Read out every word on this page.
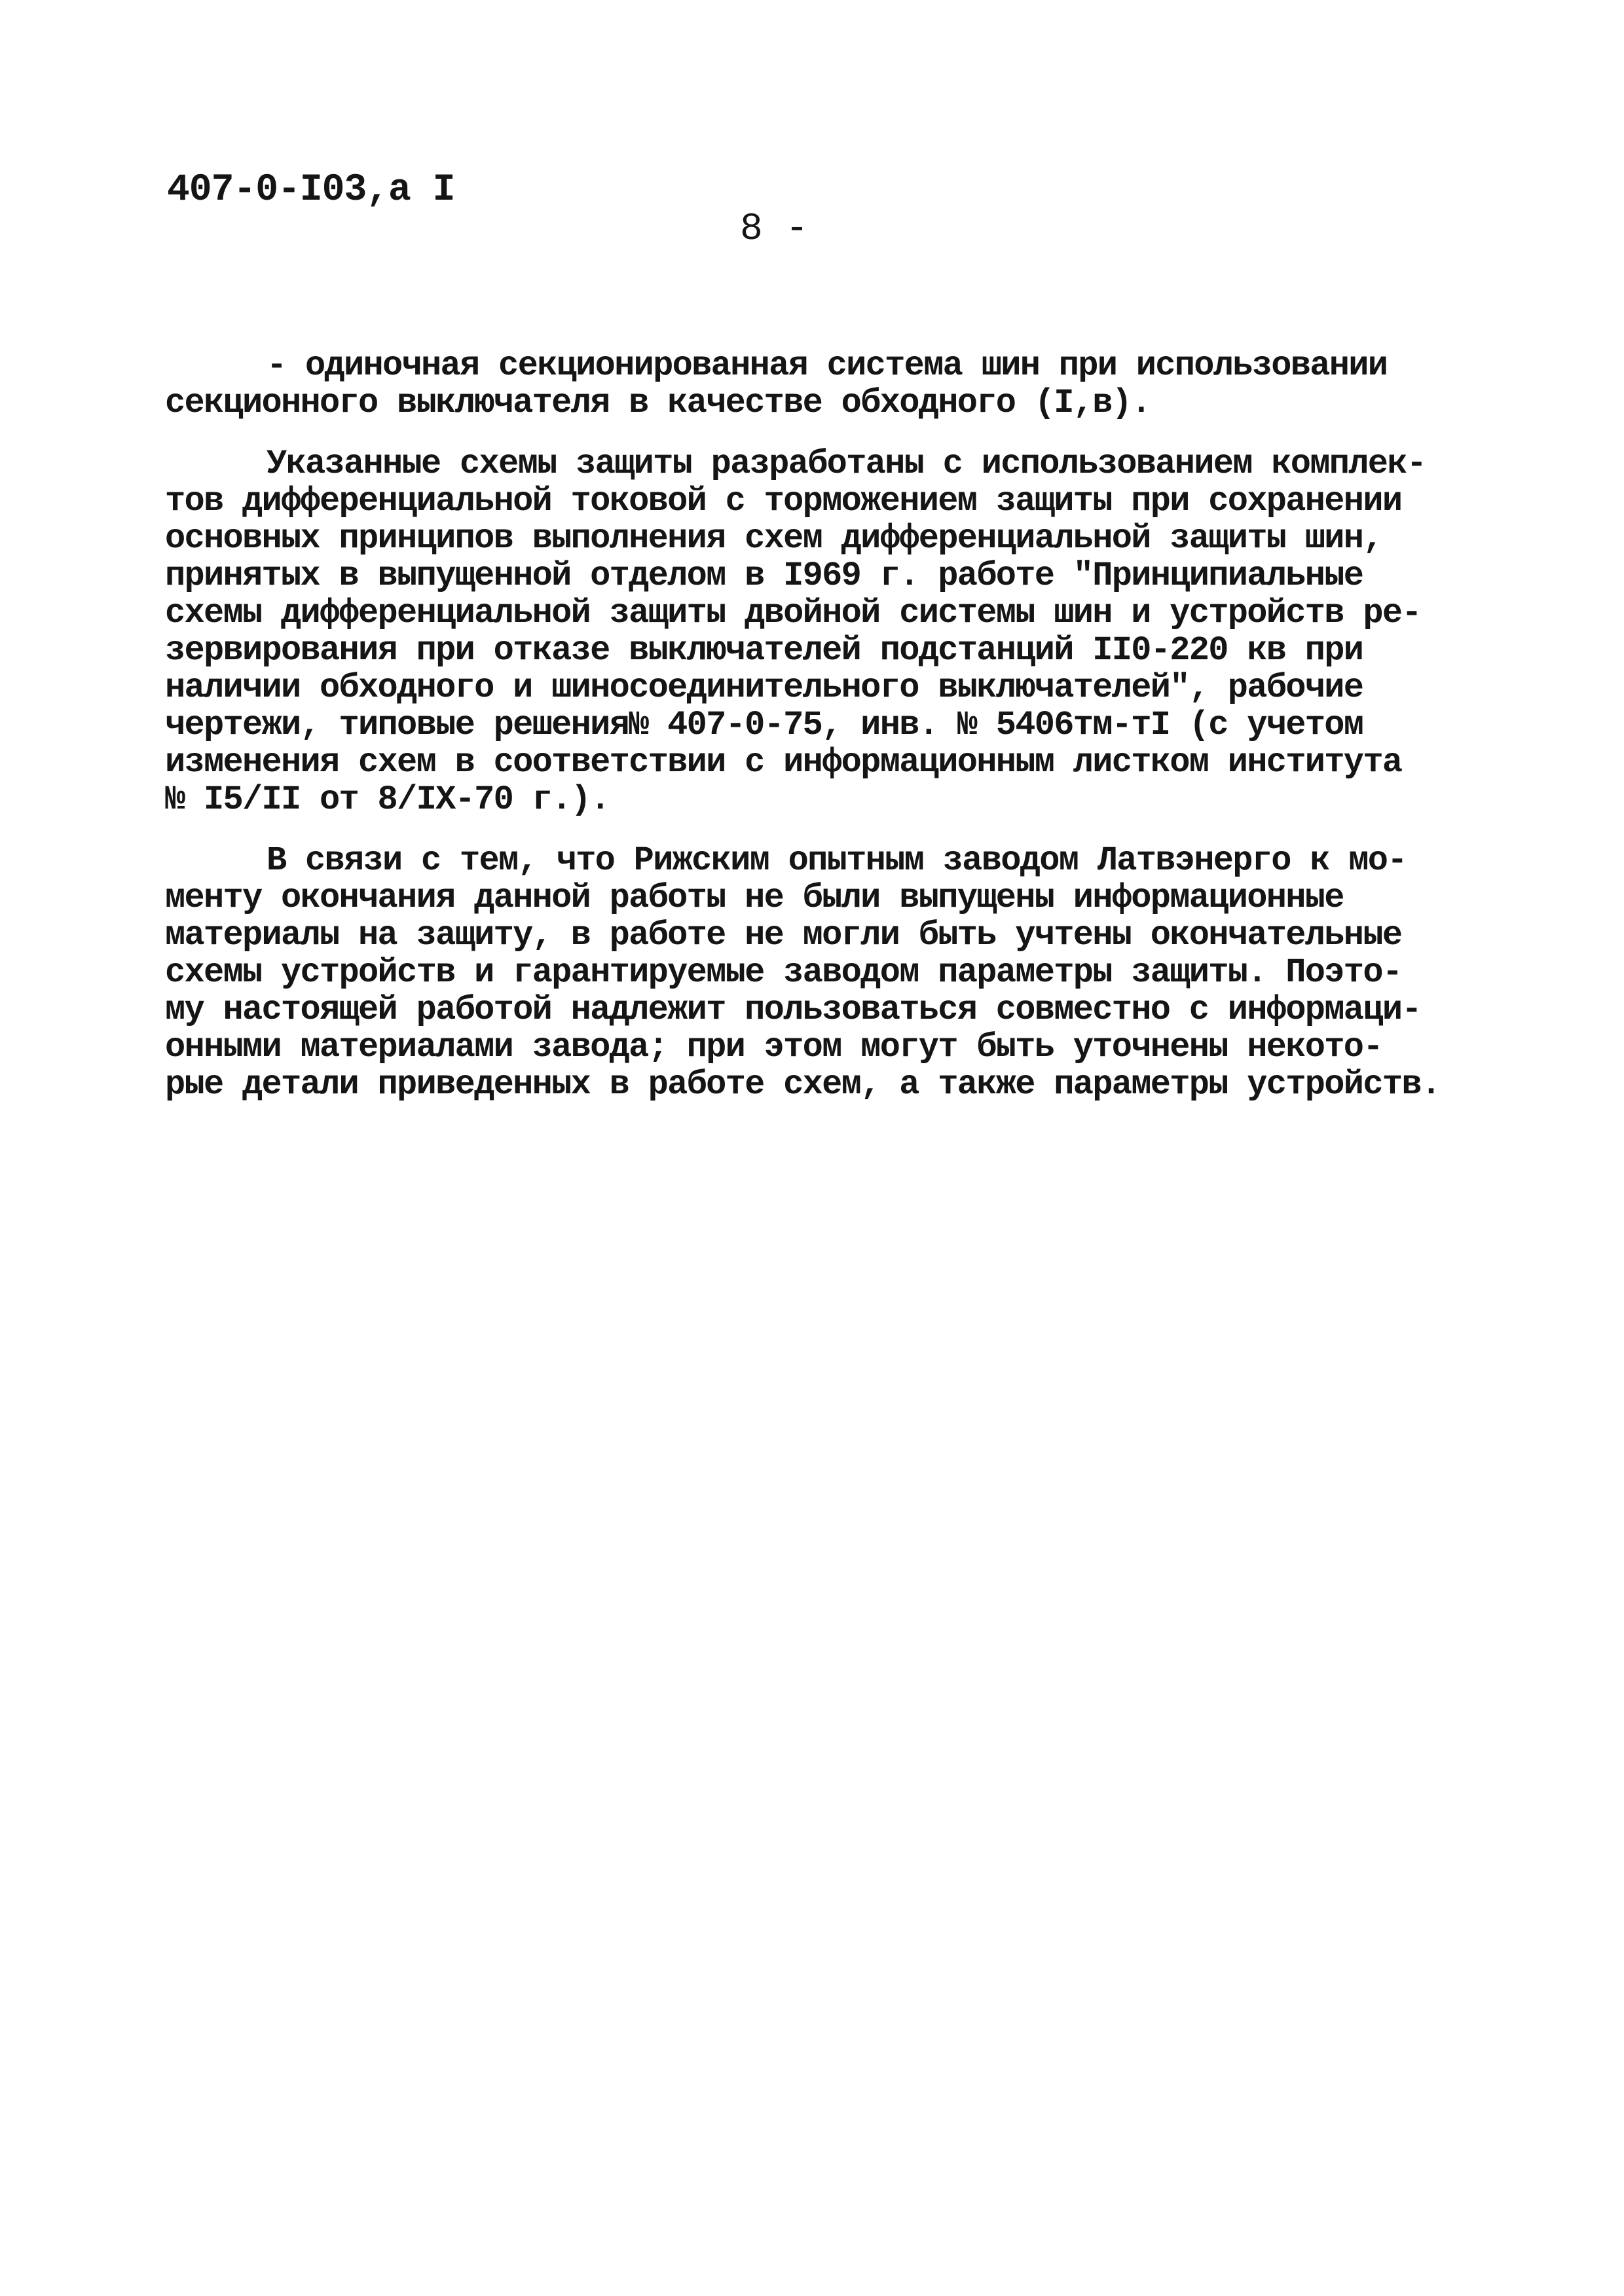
407-0-I03,а I
8 -
- одиночная секционированная система шин при использовании
секционного выключателя в качестве обходного (I,в).
Указанные схемы защиты разработаны с использованием комплек-
тов дифференциальной токовой с торможением защиты при сохранении
основных принципов выполнения схем дифференциальной защиты шин,
принятых в выпущенной отделом в I969 г. работе "Принципиальные
схемы дифференциальной защиты двойной системы шин и устройств ре-
зервирования при отказе выключателей подстанций II0-220 кв при
наличии обходного и шиносоединительного выключателей", рабочие
чертежи, типовые решения№ 407-0-75, инв. № 5406тм-тI (с учетом
изменения схем в соответствии с информационным листком института
№ I5/II от 8/IX-70 г.).
В связи с тем, что Рижским опытным заводом Латвэнерго к мо-
менту окончания данной работы не были выпущены информационные
материалы на защиту, в работе не могли быть учтены окончательные
схемы устройств и гарантируемые заводом параметры защиты. Поэто-
му настоящей работой надлежит пользоваться совместно с информаци-
онными материалами завода; при этом могут быть уточнены некото-
рые детали приведенных в работе схем, а также параметры устройств.
